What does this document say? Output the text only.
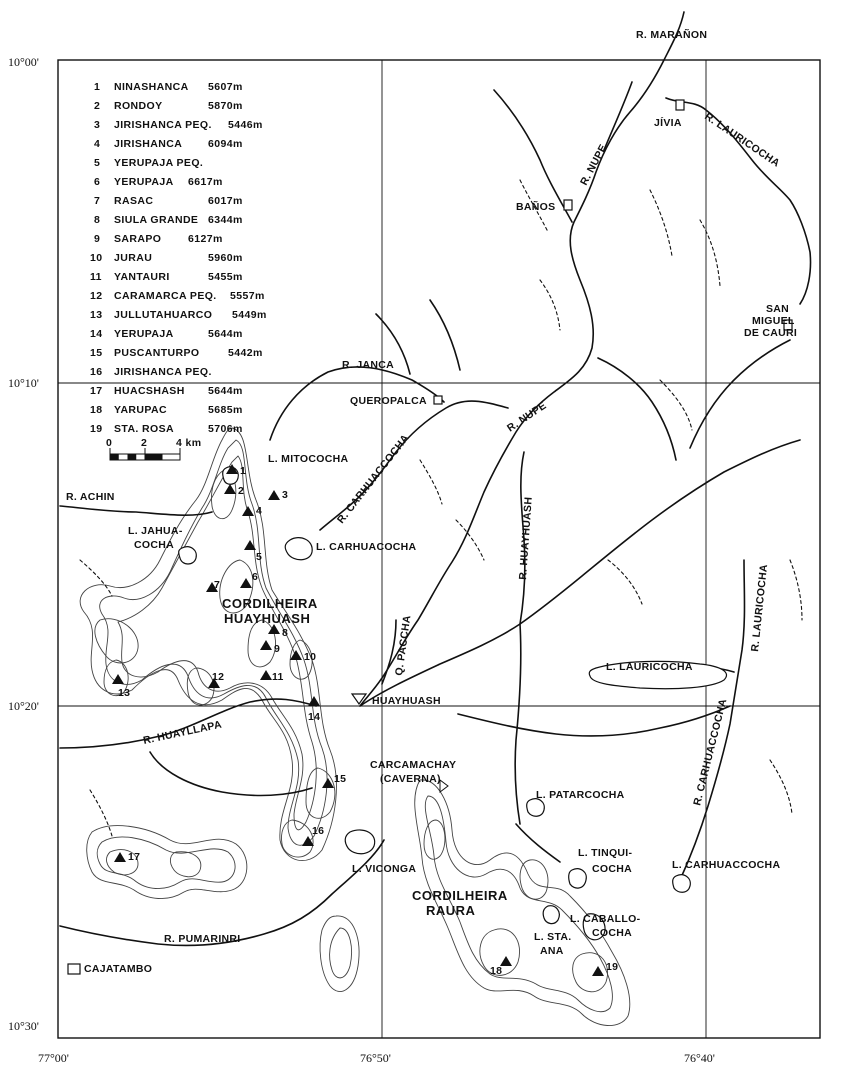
10°00'
10°10'
10°20'
10°30'
77°00'	76°50'	76°40'
1
2	3
4
5
6
7
8
9
10
11
12
13
14
15
16
17
18	19
R. MARAÑON
JÍVIA R. LAURICOCHA
R. NUPE
BAÑOS
SAN
MIGUEL
DE CAURI
R. JANCA
QUEROPALCA	R. NUPE
L. MITOCOCHA
R. ACHIN
L. JAHUA-
COCHA
R. CARHUACCOCHA
L. CARHUACOCHA	R. HUAYHUASH
R. LAURICOCHA
CORDILHEIRA
HUAYHUASH	Q. PACCHA	L. LAURICOCHA
HUAYHUASH
R. HUAYLLAPA
CARCAMACHAY
(CAVERNA)
L. PATARCOCHA	R. CARHUACCOCHA
L. TINQUI-
COCHA	L. CARHUACCOCHA
L. VICONGA
CORDILHEIRA
RAURA
L. STA.
ANA
L. CABALLO-
COCHA
R. PUMARINRI
CAJATAMBO
1 NINASHANCA 5607m
2 RONDOY	5870m
3 JIRISHANCA PEQ. 5446m
4 JIRISHANCA 6094m
5 YERUPAJA PEQ.
6 YERUPAJA 6617m
7 RASAC	6017m
8 SIULA GRANDE 6344m
9 SARAPO	6127m
10 JURAU	5960m
11 YANTAURI	5455m
12 CARAMARCA PEQ. 5557m
13 JULLUTAHUARCO 5449m
14 YERUPAJA	5644m
15 PUSCANTURPO	5442m
16 JIRISHANCA PEQ.
17 HUACSHASH 5644m
18 YARUPAC	5685m
19 STA. ROSA	5706m
0	2	4 km
